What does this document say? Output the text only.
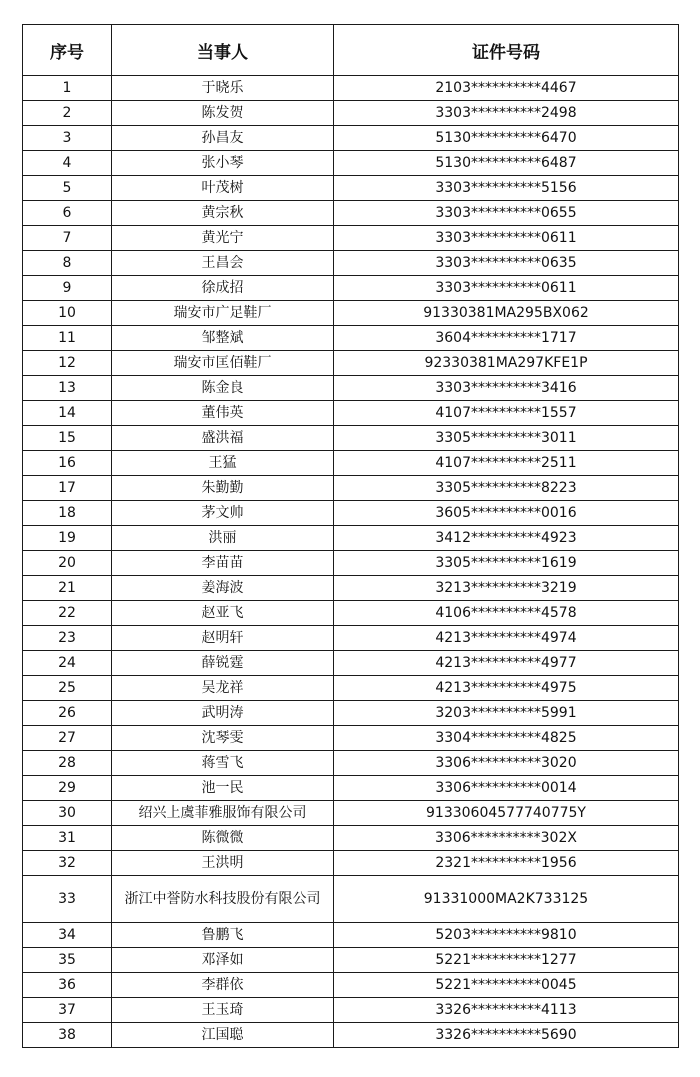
序号	当事人	证件号码
1	于晓乐	2103**********4467
2	陈发贺	3303**********2498
3	孙昌友	5130**********6470
4	张小琴	5130**********6487
5	叶茂树	3303**********5156
6	黄宗秋	3303**********0655
7	黄光宁	3303**********0611
8	王昌会	3303**********0635
9	徐成招	3303**********0611
10	瑞安市广足鞋厂	91330381MA295BX062
11	邹整斌	3604**********1717
12	瑞安市匡佰鞋厂	92330381MA297KFE1P
13	陈金良	3303**********3416
14	董伟英	4107**********1557
15	盛洪福	3305**********3011
16	王猛	4107**********2511
17	朱勤勤	3305**********8223
18	茅文帅	3605**********0016
19	洪丽	3412**********4923
20	李苗苗	3305**********1619
21	姜海波	3213**********3219
22	赵亚飞	4106**********4578
23	赵明轩	4213**********4974
24	薛锐霆	4213**********4977
25	吴龙祥	4213**********4975
26	武明涛	3203**********5991
27	沈琴雯	3304**********4825
28	蒋雪飞	3306**********3020
29	池一民	3306**********0014
30	绍兴上虞菲雅服饰有限公司	91330604577740775Y
31	陈微微	3306**********302X
32	王洪明	2321**********1956
33	浙江中誉防水科技股份有限公司	91331000MA2K733125
34	鲁鹏飞	5203**********9810
35	邓泽如	5221**********1277
36	李群依	5221**********0045
37	王玉琦	3326**********4113
38	江国聪	3326**********5690
